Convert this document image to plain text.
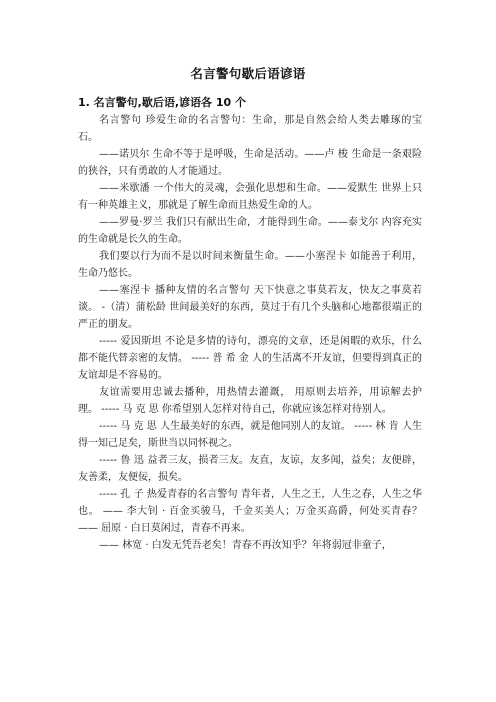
名言警句歇后语谚语
1. 名言警句,歇后语,谚语各 10 个

名言警句 珍爱生命的名言警句：生命，那是自然会给人类去雕琢的宝石。

——诺贝尔 生命不等于是呼吸，生命是活动。——卢 梭 生命是一条艰险的狭谷，只有勇敢的人才能通过。

——米歇潘 一个伟大的灵魂，会强化思想和生命。——爱默生 世界上只有一种英雄主义，那就是了解生命而且热爱生命的人。

——罗曼·罗兰 我们只有献出生命，才能得到生命。——泰戈尔 内容充实的生命就是长久的生命。

我们要以行为而不是以时间来衡量生命。——小塞涅卡 如能善于利用，生命乃悠长。

——塞涅卡 播种友情的名言警句 天下快意之事莫若友，快友之事莫若谈。 -（清）蒲松龄 世间最美好的东西，莫过于有几个头脑和心地都很端正的严正的朋友。

----- 爱因斯坦 不论是多情的诗句，漂亮的文章，还是闲暇的欢乐，什么都不能代替亲密的友情。 ----- 普 希 金 人的生活离不开友谊，但要得到真正的友谊却是不容易的。

友谊需要用忠诚去播种，用热情去灌溉， 用原则去培养，用谅解去护理。 ----- 马 克 思 你希望别人怎样对待自己，你就应该怎样对待别人。

----- 马 克 思 人生最美好的东西，就是他同别人的友谊。 ----- 林 肯 人生得一知己足矣，斯世当以同怀视之。

----- 鲁 迅 益者三友，损者三友。友直，友谅，友多闻，益矣；友便辟，友善柔，友便佞，损矣。

----- 孔 子 热爱青春的名言警句 青年者，人生之王，人生之春，人生之华也。 —— 李大钊 · 百金买骏马，千金买美人；万金买高爵，何处买青春？ —— 屈原 · 白日莫闲过，青春不再来。

—— 林宽 · 白发无凭吾老矣！青春不再汝知乎？年将弱冠非童子，
